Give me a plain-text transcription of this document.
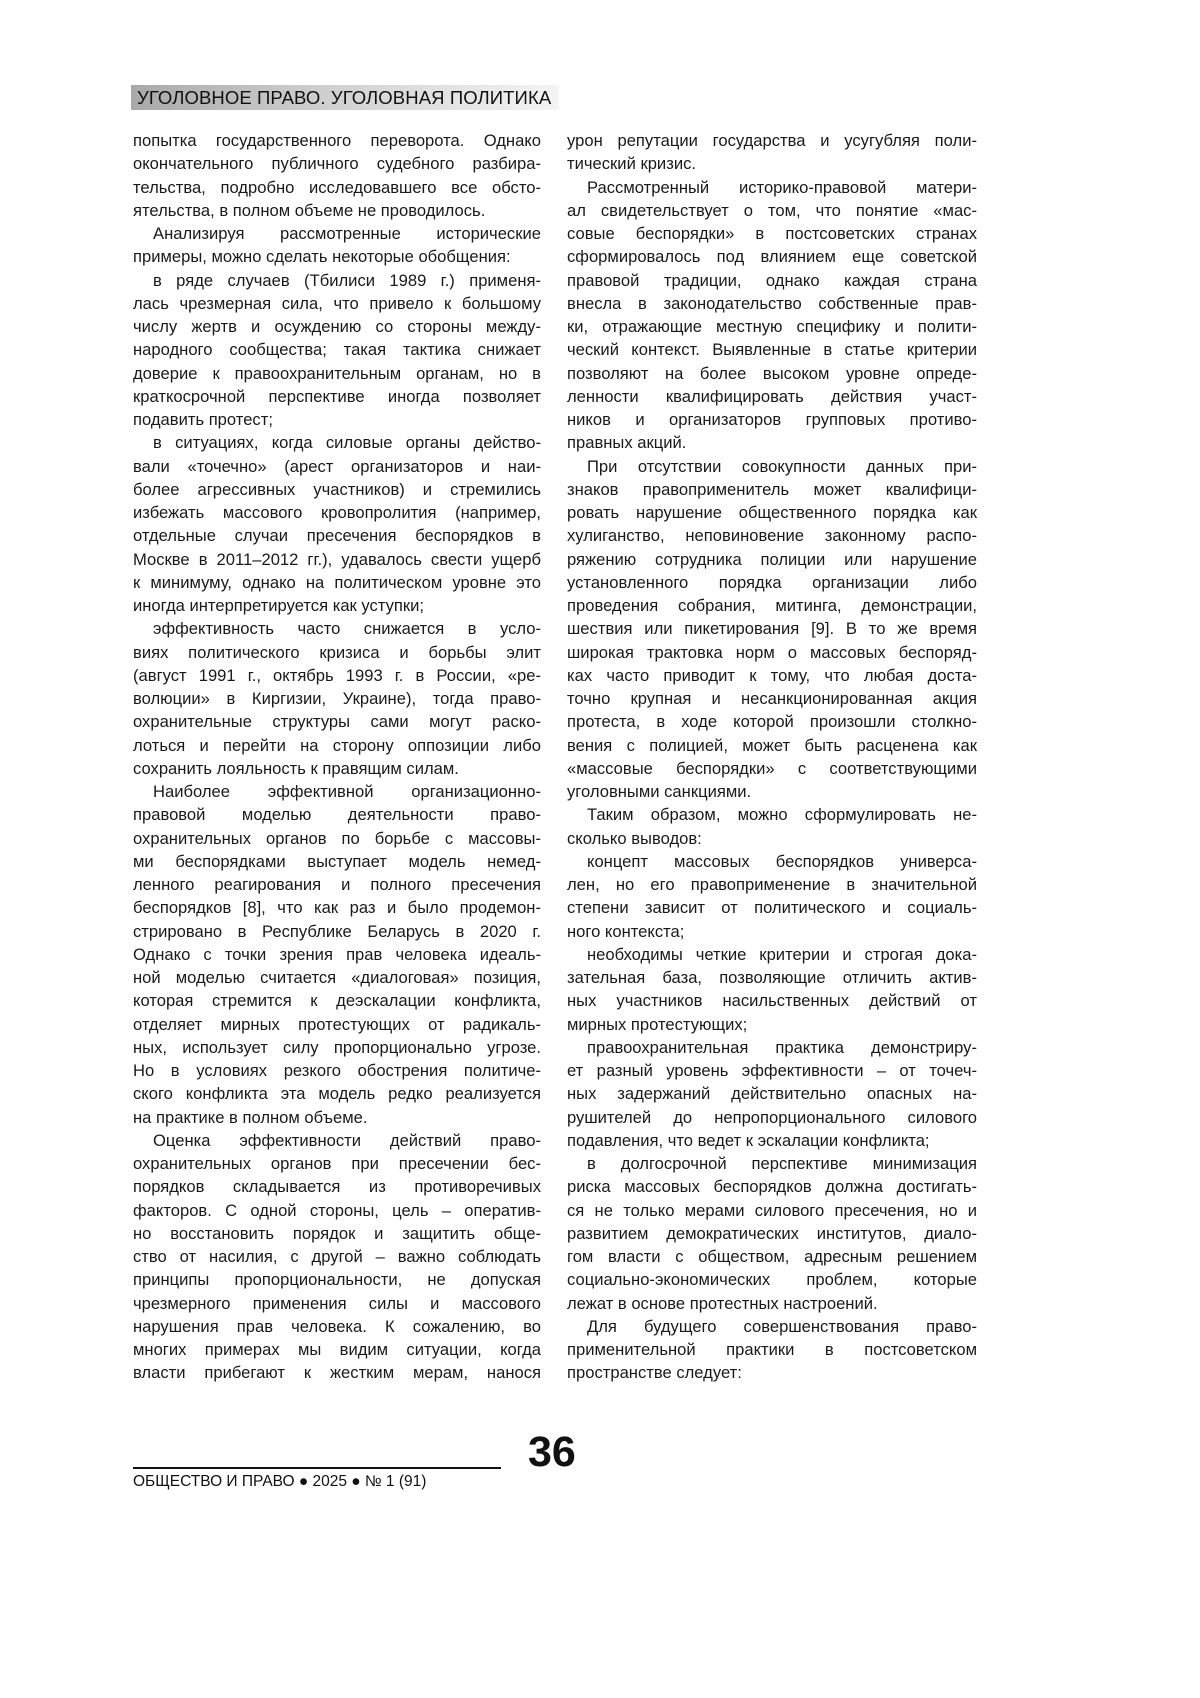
УГОЛОВНОЕ ПРАВО. УГОЛОВНАЯ ПОЛИТИКА
попытка государственного переворота. Однако
окончательного публичного судебного разбира-
тельства, подробно исследовавшего все обсто-
ятельства, в полном объеме не проводилось.
Анализируя рассмотренные исторические
примеры, можно сделать некоторые обобщения:
в ряде случаев (Тбилиси 1989 г.) применя-
лась чрезмерная сила, что привело к большому
числу жертв и осуждению со стороны между-
народного сообщества; такая тактика снижает
доверие к правоохранительным органам, но в
краткосрочной перспективе иногда позволяет
подавить протест;
в ситуациях, когда силовые органы действо-
вали «точечно» (арест организаторов и наи-
более агрессивных участников) и стремились
избежать массового кровопролития (например,
отдельные случаи пресечения беспорядков в
Москве в 2011–2012 гг.), удавалось свести ущерб
к минимуму, однако на политическом уровне это
иногда интерпретируется как уступки;
эффективность часто снижается в усло-
виях политического кризиса и борьбы элит
(август 1991 г., октябрь 1993 г. в России, «ре-
волюции» в Киргизии, Украине), тогда право-
охранительные структуры сами могут раско-
лоться и перейти на сторону оппозиции либо
сохранить лояльность к правящим силам.
Наиболее эффективной организационно-
правовой моделью деятельности право-
охранительных органов по борьбе с массовы-
ми беспорядками выступает модель немед-
ленного реагирования и полного пресечения
беспорядков [8], что как раз и было продемон-
стрировано в Республике Беларусь в 2020 г.
Однако с точки зрения прав человека идеаль-
ной моделью считается «диалоговая» позиция,
которая стремится к деэскалации конфликта,
отделяет мирных протестующих от радикаль-
ных, использует силу пропорционально угрозе.
Но в условиях резкого обострения политиче-
ского конфликта эта модель редко реализуется
на практике в полном объеме.
Оценка эффективности действий право-
охранительных органов при пресечении бес-
порядков складывается из противоречивых
факторов. С одной стороны, цель – оператив-
но восстановить порядок и защитить обще-
ство от насилия, с другой – важно соблюдать
принципы пропорциональности, не допуская
чрезмерного применения силы и массового
нарушения прав человека. К сожалению, во
многих примерах мы видим ситуации, когда
власти прибегают к жестким мерам, нанося
урон репутации государства и усугубляя поли-
тический кризис.
Рассмотренный историко-правовой матери-
ал свидетельствует о том, что понятие «мас-
совые беспорядки» в постсоветских странах
сформировалось под влиянием еще советской
правовой традиции, однако каждая страна
внесла в законодательство собственные прав-
ки, отражающие местную специфику и полити-
ческий контекст. Выявленные в статье критерии
позволяют на более высоком уровне опреде-
ленности квалифицировать действия участ-
ников и организаторов групповых противо-
правных акций.
При отсутствии совокупности данных при-
знаков правоприменитель может квалифици-
ровать нарушение общественного порядка как
хулиганство, неповиновение законному распо-
ряжению сотрудника полиции или нарушение
установленного порядка организации либо
проведения собрания, митинга, демонстрации,
шествия или пикетирования [9]. В то же время
широкая трактовка норм о массовых беспоряд-
ках часто приводит к тому, что любая доста-
точно крупная и несанкционированная акция
протеста, в ходе которой произошли столкно-
вения с полицией, может быть расценена как
«массовые беспорядки» с соответствующими
уголовными санкциями.
Таким образом, можно сформулировать не-
сколько выводов:
концепт массовых беспорядков универса-
лен, но его правоприменение в значительной
степени зависит от политического и социаль-
ного контекста;
необходимы четкие критерии и строгая дока-
зательная база, позволяющие отличить актив-
ных участников насильственных действий от
мирных протестующих;
правоохранительная практика демонстриру-
ет разный уровень эффективности – от точеч-
ных задержаний действительно опасных на-
рушителей до непропорционального силового
подавления, что ведет к эскалации конфликта;
в долгосрочной перспективе минимизация
риска массовых беспорядков должна достигать-
ся не только мерами силового пресечения, но и
развитием демократических институтов, диало-
гом власти с обществом, адресным решением
социально-экономических проблем, которые
лежат в основе протестных настроений.
Для будущего совершенствования право-
применительной практики в постсоветском
пространстве следует:
36
ОБЩЕСТВО И ПРАВО ● 2025 ● № 1 (91)
